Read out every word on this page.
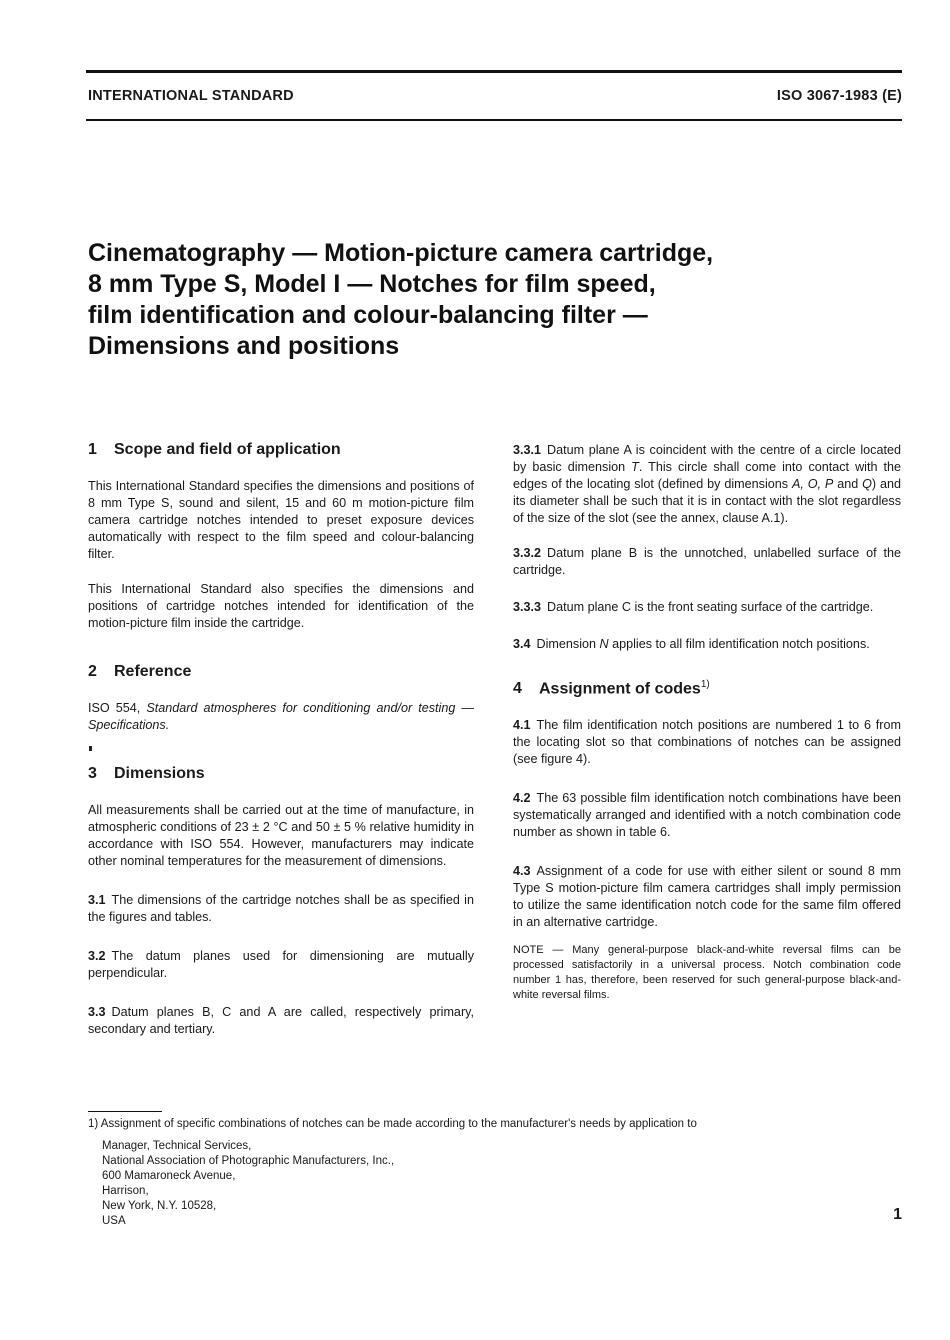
INTERNATIONAL STANDARD	ISO 3067-1983 (E)
Cinematography — Motion-picture camera cartridge,
8 mm Type S, Model I — Notches for film speed,
film identification and colour-balancing filter —
Dimensions and positions
1 Scope and field of application

This International Standard specifies the dimensions and positions of 8 mm Type S, sound and silent, 15 and 60 m motion-picture film camera cartridge notches intended to preset exposure devices automatically with respect to the film speed and colour-balancing filter.

This International Standard also specifies the dimensions and positions of cartridge notches intended for identification of the motion-picture film inside the cartridge.

2 Reference

ISO 554, Standard atmospheres for conditioning and/or testing — Specifications.

3 Dimensions

All measurements shall be carried out at the time of manufacture, in atmospheric conditions of 23 ± 2 °C and 50 ± 5 % relative humidity in accordance with ISO 554. However, manufacturers may indicate other nominal temperatures for the measurement of dimensions.

3.1 The dimensions of the cartridge notches shall be as specified in the figures and tables.

3.2 The datum planes used for dimensioning are mutually perpendicular.

3.3 Datum planes B, C and A are called, respectively primary, secondary and tertiary.

3.3.1 Datum plane A is coincident with the centre of a circle located by basic dimension T. This circle shall come into contact with the edges of the locating slot (defined by dimensions A, O, P and Q) and its diameter shall be such that it is in contact with the slot regardless of the size of the slot (see the annex, clause A.1).

3.3.2 Datum plane B is the unnotched, unlabelled surface of the cartridge.

3.3.3 Datum plane C is the front seating surface of the cartridge.

3.4 Dimension N applies to all film identification notch positions.

4 Assignment of codes$^{1)}$

4.1 The film identification notch positions are numbered 1 to 6 from the locating slot so that combinations of notches can be assigned (see figure 4).

4.2 The 63 possible film identification notch combinations have been systematically arranged and identified with a notch combination code number as shown in table 6.

4.3 Assignment of a code for use with either silent or sound 8 mm Type S motion-picture film camera cartridges shall imply permission to utilize the same identification notch code for the same film offered in an alternative cartridge.

NOTE — Many general-purpose black-and-white reversal films can be processed satisfactorily in a universal process. Notch combination code number 1 has, therefore, been reserved for such general-purpose black-and-white reversal films.

1) Assignment of specific combinations of notches can be made according to the manufacturer's needs by application to
Manager, Technical Services,
National Association of Photographic Manufacturers, Inc.,
600 Mamaroneck Avenue,
Harrison,
New York, N.Y. 10528,
USA	1
